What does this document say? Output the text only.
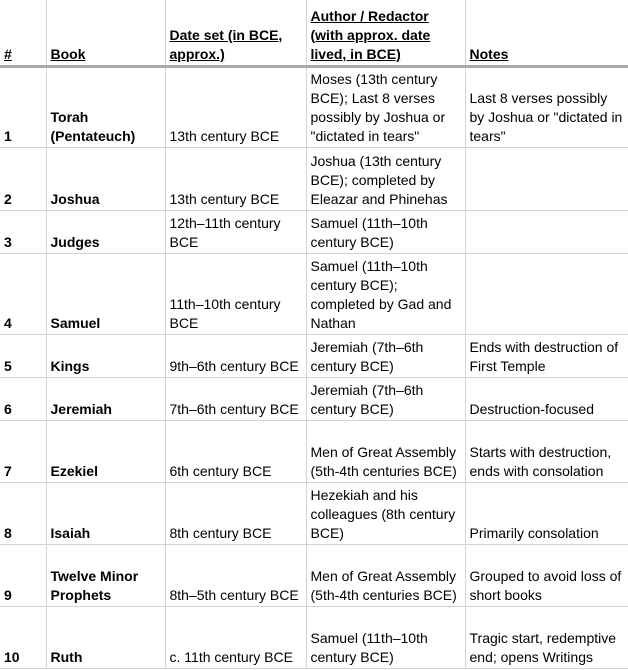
#	Book	Date set (in BCE, approx.)	Author / Redactor (with approx. date lived, in BCE)	Notes
1	Torah (Pentateuch)	13th century BCE	Moses (13th century BCE); Last 8 verses possibly by Joshua or "dictated in tears"	Last 8 verses possibly by Joshua or "dictated in tears"
2	Joshua	13th century BCE	Joshua (13th century BCE); completed by Eleazar and Phinehas	
3	Judges	12th–11th century BCE	Samuel (11th–10th century BCE)	
4	Samuel	11th–10th century BCE	Samuel (11th–10th century BCE); completed by Gad and Nathan	
5	Kings	9th–6th century BCE	Jeremiah (7th–6th century BCE)	Ends with destruction of First Temple
6	Jeremiah	7th–6th century BCE	Jeremiah (7th–6th century BCE)	Destruction-focused
7	Ezekiel	6th century BCE	Men of Great Assembly (5th-4th centuries BCE)	Starts with destruction, ends with consolation
8	Isaiah	8th century BCE	Hezekiah and his colleagues (8th century BCE)	Primarily consolation
9	Twelve Minor Prophets	8th–5th century BCE	Men of Great Assembly (5th-4th centuries BCE)	Grouped to avoid loss of short books
10	Ruth	c. 11th century BCE	Samuel (11th–10th century BCE)	Tragic start, redemptive end; opens Writings
